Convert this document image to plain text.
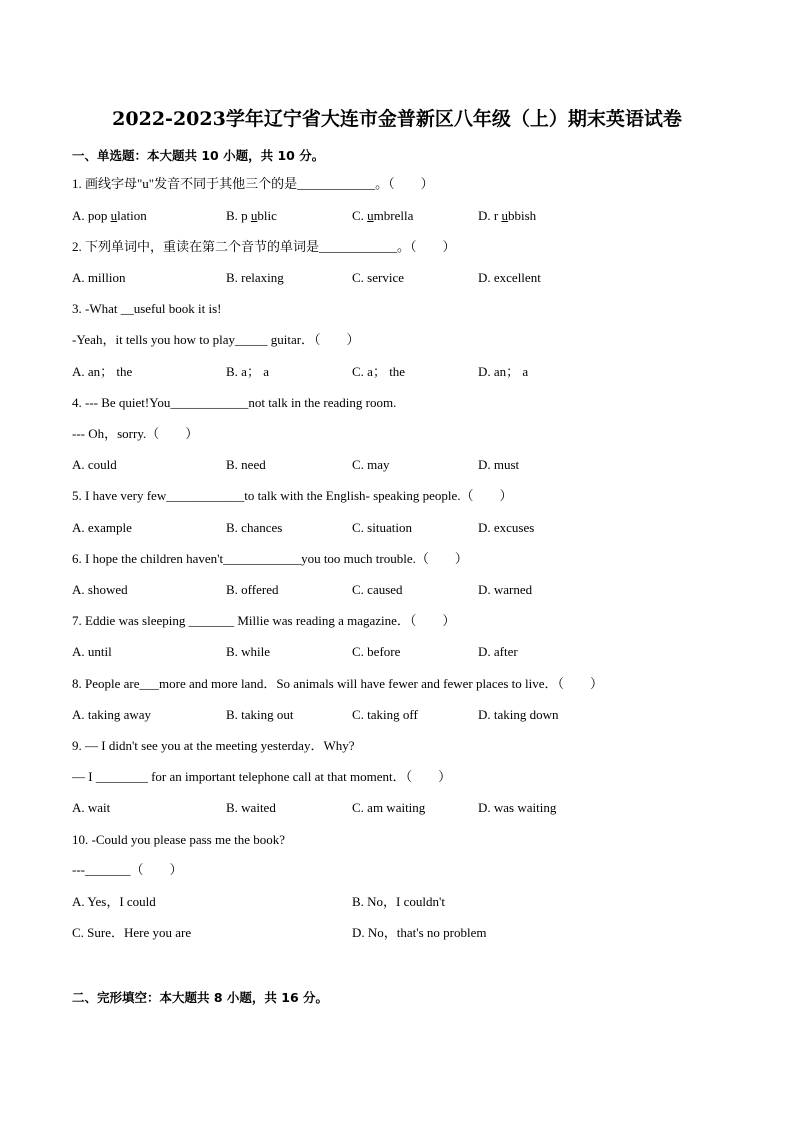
2022-2023学年辽宁省大连市金普新区八年级（上）期末英语试卷
一、单选题：本大题共 10 小题，共 10 分。
1. 画线字母"u"发音不同于其他三个的是____________。（　　）
A. pop ulation	B. p ublic	C. umbrella	D. r ubbish
2. 下列单词中，重读在第二个音节的单词是____________。（　　）
A. million	B. relaxing	C. service	D. excellent
3. -What __useful book it is!
-Yeah，it tells you how to play_____ guitar．（　　）
A. an； the	B. a； a	C. a； the	D. an； a
4. --- Be quiet!You____________not talk in the reading room.
--- Oh，sorry.（　　）
A. could	B. need	C. may	D. must
5. I have very few____________to talk with the English- speaking people.（　　）
A. example	B. chances	C. situation	D. excuses
6. I hope the children haven't____________you too much trouble.（　　）
A. showed	B. offered	C. caused	D. warned
7. Eddie was sleeping _______ Millie was reading a magazine．（　　）
A. until	B. while	C. before	D. after
8. People are___more and more land．So animals will have fewer and fewer places to live．（　　）
A. taking away	B. taking out	C. taking off	D. taking down
9. — I didn't see you at the meeting yesterday．Why?
— I ________ for an important telephone call at that moment．（　　）
A. wait	B. waited	C. am waiting	D. was waiting
10. -Could you please pass me the book?
---_______（　　）
A. Yes，I could	B. No，I couldn't
C. Sure．Here you are	D. No，that's no problem
二、完形填空：本大题共 8 小题，共 16 分。
